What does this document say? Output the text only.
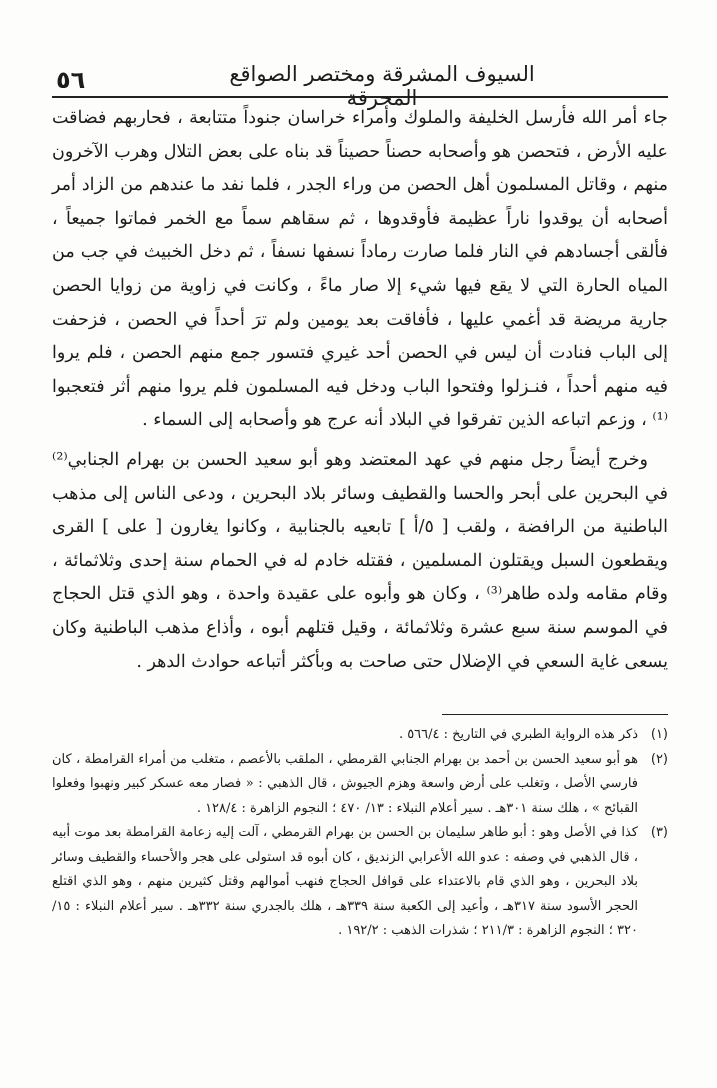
٥٦	السيوف المشرقة ومختصر الصواقع المحرقة

جاء أمر الله فأرسل الخليفة والملوك وأمراء خراسان جنوداً متتابعة ، فحاربهم فضاقت عليه الأرض ، فتحصن هو وأصحابه حصناً حصيناً قد بناه على بعض التلال وهرب الآخرون منهم ، وقاتل المسلمون أهل الحصن من وراء الجدر ، فلما نفد ما عندهم من الزاد أمر أصحابه أن يوقدوا ناراً عظيمة فأوقدوها ، ثم سقاهم سماً مع الخمر فماتوا جميعاً ، فألقى أجسادهم في النار فلما صارت رماداً نسفها نسفاً ، ثم دخل الخبيث في جب من المياه الحارة التي لا يقع فيها شيء إلا صار ماءً ، وكانت في زاوية من زوايا الحصن جارية مريضة قد أغمي عليها ، فأفاقت بعد يومين ولم ترَ أحداً في الحصن ، فزحفت إلى الباب فنادت أن ليس في الحصن أحد غيري فتسور جمع منهم الحصن ، فلم يروا فيه منهم أحداً ، فنـزلوا وفتحوا الباب ودخل فيه المسلمون فلم يروا منهم أثر فتعجبوا ⁽¹⁾ ، وزعم اتباعه الذين تفرقوا في البلاد أنه عرج هو وأصحابه إلى السماء .

وخرج أيضاً رجل منهم في عهد المعتضد وهو أبو سعيد الحسن بن بهرام الجنابي⁽²⁾ في البحرين على أبحر والحسا والقطيف وسائر بلاد البحرين ، ودعى الناس إلى مذهب الباطنية من الرافضة ، ولقب [ ٥/أ ] تابعيه بالجنابية ، وكانوا يغارون [ على ] القرى ويقطعون السبل ويقتلون المسلمين ، فقتله خادم له في الحمام سنة إحدى وثلاثمائة ، وقام مقامه ولده طاهر⁽³⁾ ، وكان هو وأبوه على عقيدة واحدة ، وهو الذي قتل الحجاج في الموسم سنة سبع عشرة وثلاثمائة ، وقيل قتلهم أبوه ، وأذاع مذهب الباطنية وكان يسعى غاية السعي في الإضلال حتى صاحت به وبأكثر أتباعه حوادث الدهر .

(١)
ذكر هذه الرواية الطبري في التاريخ : ٥٦٦/٤ .
(٢)
هو أبو سعيد الحسن بن أحمد بن بهرام الجنابي القرمطي ، الملقب بالأعصم ، متغلب من أمراء القرامطة ، كان فارسي الأصل ، وتغلب على أرض واسعة وهزم الجيوش ، قال الذهبي : « فصار معه عسكر كبير ونهبوا وفعلوا القبائح » ، هلك سنة ٣٠١هـ . سير أعلام النبلاء : ١٣/ ٤٧٠ ؛ النجوم الزاهرة : ١٢٨/٤ .
(٣)
كذا في الأصل وهو : أبو طاهر سليمان بن الحسن بن بهرام القرمطي ، آلت إليه زعامة القرامطة بعد موت أبيه ، قال الذهبي في وصفه : عدو الله الأعرابي الزنديق ، كان أبوه قد استولى على هجر والأحساء والقطيف وسائر بلاد البحرين ، وهو الذي قام بالاعتداء على قوافل الحجاج فنهب أموالهم وقتل كثيرين منهم ، وهو الذي اقتلع الحجر الأسود سنة ٣١٧هـ ، وأعيد إلى الكعبة سنة ٣٣٩هـ ، هلك بالجدري سنة ٣٣٢هـ . سير أعلام النبلاء : ١٥/ ٣٢٠ ؛ النجوم الزاهرة : ٢١١/٣ ؛ شذرات الذهب : ١٩٢/٢ .
